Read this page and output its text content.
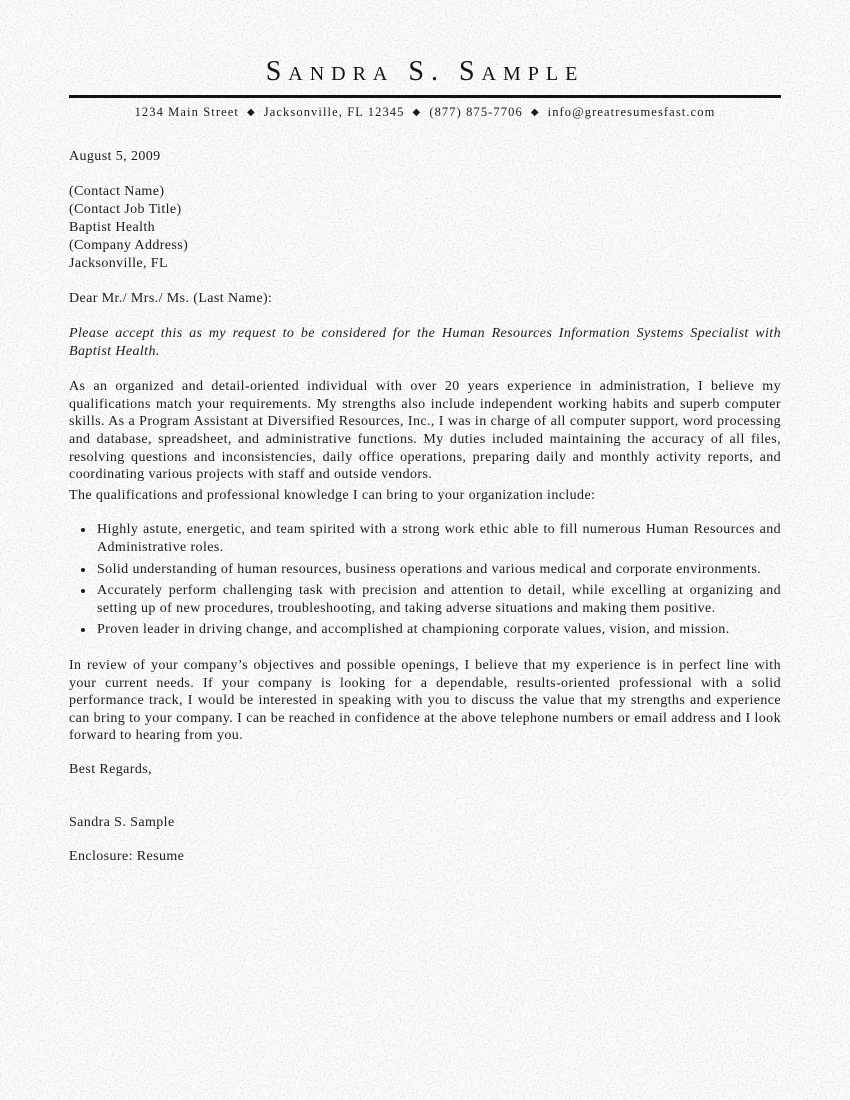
Sandra S. Sample
1234 Main Street ◆ Jacksonville, FL 12345 ◆ (877) 875-7706 ◆ info@greatresumesfast.com

August 5, 2009

(Contact Name)
(Contact Job Title)
Baptist Health
(Company Address)
Jacksonville, FL

Dear Mr./ Mrs./ Ms. (Last Name):

Please accept this as my request to be considered for the Human Resources Information Systems Specialist with Baptist Health.

As an organized and detail-oriented individual with over 20 years experience in administration, I believe my qualifications match your requirements. My strengths also include independent working habits and superb computer skills. As a Program Assistant at Diversified Resources, Inc., I was in charge of all computer support, word processing and database, spreadsheet, and administrative functions. My duties included maintaining the accuracy of all files, resolving questions and inconsistencies, daily office operations, preparing daily and monthly activity reports, and coordinating various projects with staff and outside vendors.

The qualifications and professional knowledge I can bring to your organization include:

• Highly astute, energetic, and team spirited with a strong work ethic able to fill numerous Human Resources and Administrative roles.
• Solid understanding of human resources, business operations and various medical and corporate environments.
• Accurately perform challenging task with precision and attention to detail, while excelling at organizing and setting up of new procedures, troubleshooting, and taking adverse situations and making them positive.
• Proven leader in driving change, and accomplished at championing corporate values, vision, and mission.

In review of your company’s objectives and possible openings, I believe that my experience is in perfect line with your current needs. If your company is looking for a dependable, results-oriented professional with a solid performance track, I would be interested in speaking with you to discuss the value that my strengths and experience can bring to your company. I can be reached in confidence at the above telephone numbers or email address and I look forward to hearing from you.

Best Regards,

Sandra S. Sample

Enclosure: Resume
